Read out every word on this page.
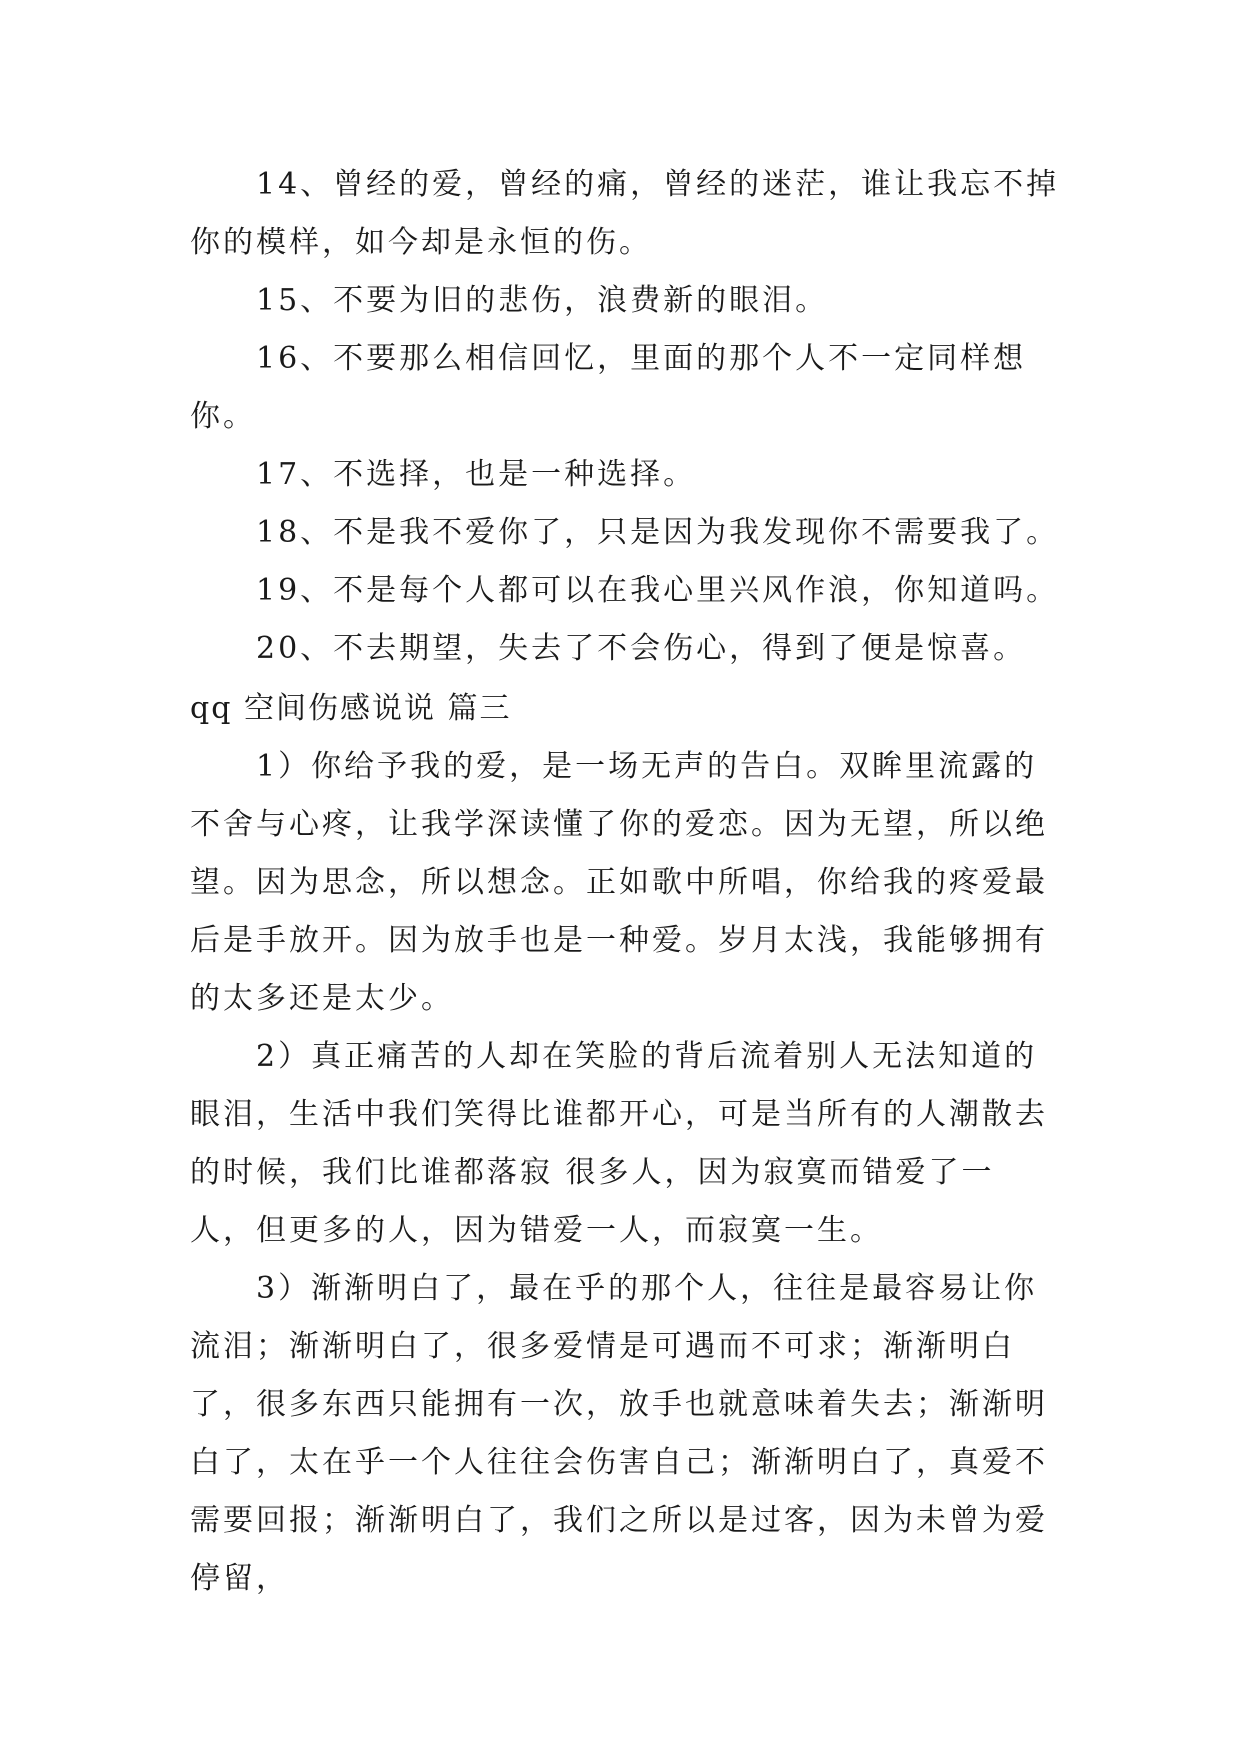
14、曾经的爱，曾经的痛，曾经的迷茫，谁让我忘不掉你的模样，如今却是永恒的伤。

15、不要为旧的悲伤，浪费新的眼泪。

16、不要那么相信回忆，里面的那个人不一定同样想你。

17、不选择，也是一种选择。

18、不是我不爱你了，只是因为我发现你不需要我了。

19、不是每个人都可以在我心里兴风作浪，你知道吗。

20、不去期望，失去了不会伤心，得到了便是惊喜。

qq 空间伤感说说 篇三

1）你给予我的爱，是一场无声的告白。双眸里流露的不舍与心疼，让我学深读懂了你的爱恋。因为无望，所以绝望。因为思念，所以想念。正如歌中所唱，你给我的疼爱最后是手放开。因为放手也是一种爱。岁月太浅，我能够拥有的太多还是太少。

2）真正痛苦的人却在笑脸的背后流着别人无法知道的眼泪，生活中我们笑得比谁都开心，可是当所有的人潮散去的时候，我们比谁都落寂 很多人，因为寂寞而错爱了一人，但更多的人，因为错爱一人，而寂寞一生。

3）渐渐明白了，最在乎的那个人，往往是最容易让你流泪；渐渐明白了，很多爱情是可遇而不可求；渐渐明白了，很多东西只能拥有一次，放手也就意味着失去；渐渐明白了，太在乎一个人往往会伤害自己；渐渐明白了，真爱不需要回报；渐渐明白了，我们之所以是过客，因为未曾为爱停留，
